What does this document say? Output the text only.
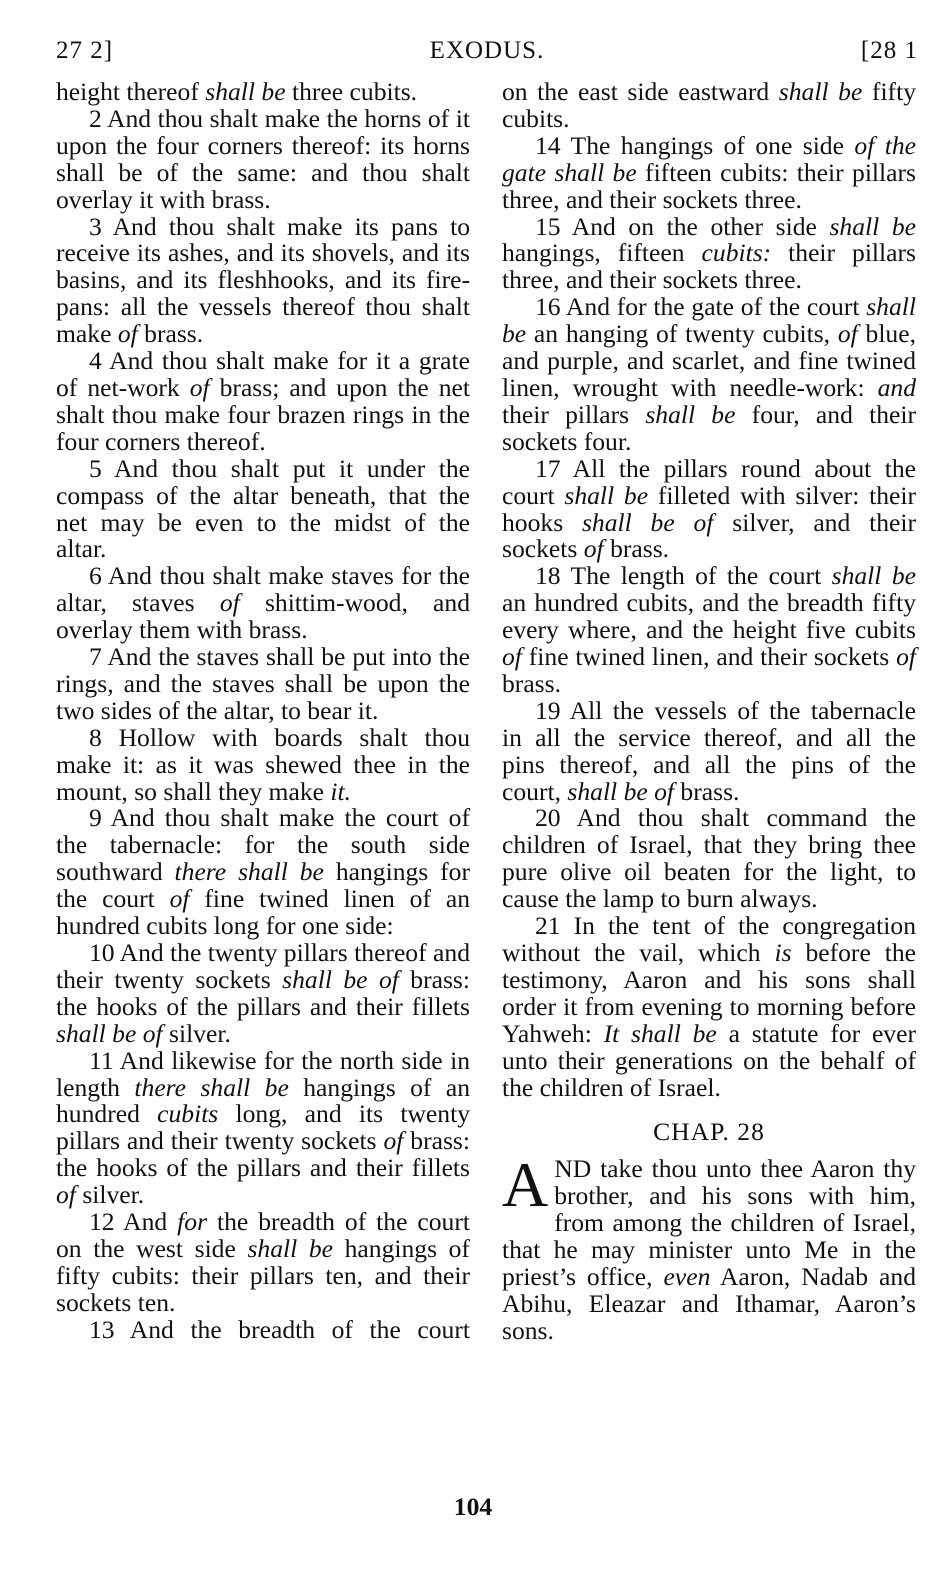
27 2]	EXODUS.	[28 1

height thereof shall be three cubits.

2 And thou shalt make the horns of it upon the four corners thereof: its horns shall be of the same: and thou shalt overlay it with brass.

3 And thou shalt make its pans to receive its ashes, and its shovels, and its basins, and its fleshhooks, and its fire-pans: all the vessels thereof thou shalt make of brass.

4 And thou shalt make for it a grate of net-work of brass; and upon the net shalt thou make four brazen rings in the four corners thereof.

5 And thou shalt put it under the compass of the altar beneath, that the net may be even to the midst of the altar.

6 And thou shalt make staves for the altar, staves of shittim-wood, and overlay them with brass.

7 And the staves shall be put into the rings, and the staves shall be upon the two sides of the altar, to bear it.

8 Hollow with boards shalt thou make it: as it was shewed thee in the mount, so shall they make it.

9 And thou shalt make the court of the tabernacle: for the south side southward there shall be hangings for the court of fine twined linen of an hundred cubits long for one side:

10 And the twenty pillars thereof and their twenty sockets shall be of brass: the hooks of the pillars and their fillets shall be of silver.

11 And likewise for the north side in length there shall be hangings of an hundred cubits long, and its twenty pillars and their twenty sockets of brass: the hooks of the pillars and their fillets of silver.

12 And for the breadth of the court on the west side shall be hangings of fifty cubits: their pillars ten, and their sockets ten.

13 And the breadth of the court

on the east side eastward shall be fifty cubits.

14 The hangings of one side of the gate shall be fifteen cubits: their pillars three, and their sockets three.

15 And on the other side shall be hangings, fifteen cubits: their pillars three, and their sockets three.

16 And for the gate of the court shall be an hanging of twenty cubits, of blue, and purple, and scarlet, and fine twined linen, wrought with needle-work: and their pillars shall be four, and their sockets four.

17 All the pillars round about the court shall be filleted with silver: their hooks shall be of silver, and their sockets of brass.

18 The length of the court shall be an hundred cubits, and the breadth fifty every where, and the height five cubits of fine twined linen, and their sockets of brass.

19 All the vessels of the tabernacle in all the service thereof, and all the pins thereof, and all the pins of the court, shall be of brass.

20 And thou shalt command the children of Israel, that they bring thee pure olive oil beaten for the light, to cause the lamp to burn always.

21 In the tent of the congregation without the vail, which is before the testimony, Aaron and his sons shall order it from evening to morning before Yahweh: It shall be a statute for ever unto their generations on the behalf of the children of Israel.

CHAP. 28

AND take thou unto thee Aaron thy brother, and his sons with him, from among the children of Israel, that he may minister unto Me in the priest’s office, even Aaron, Nadab and Abihu, Eleazar and Ithamar, Aaron’s sons.

104
